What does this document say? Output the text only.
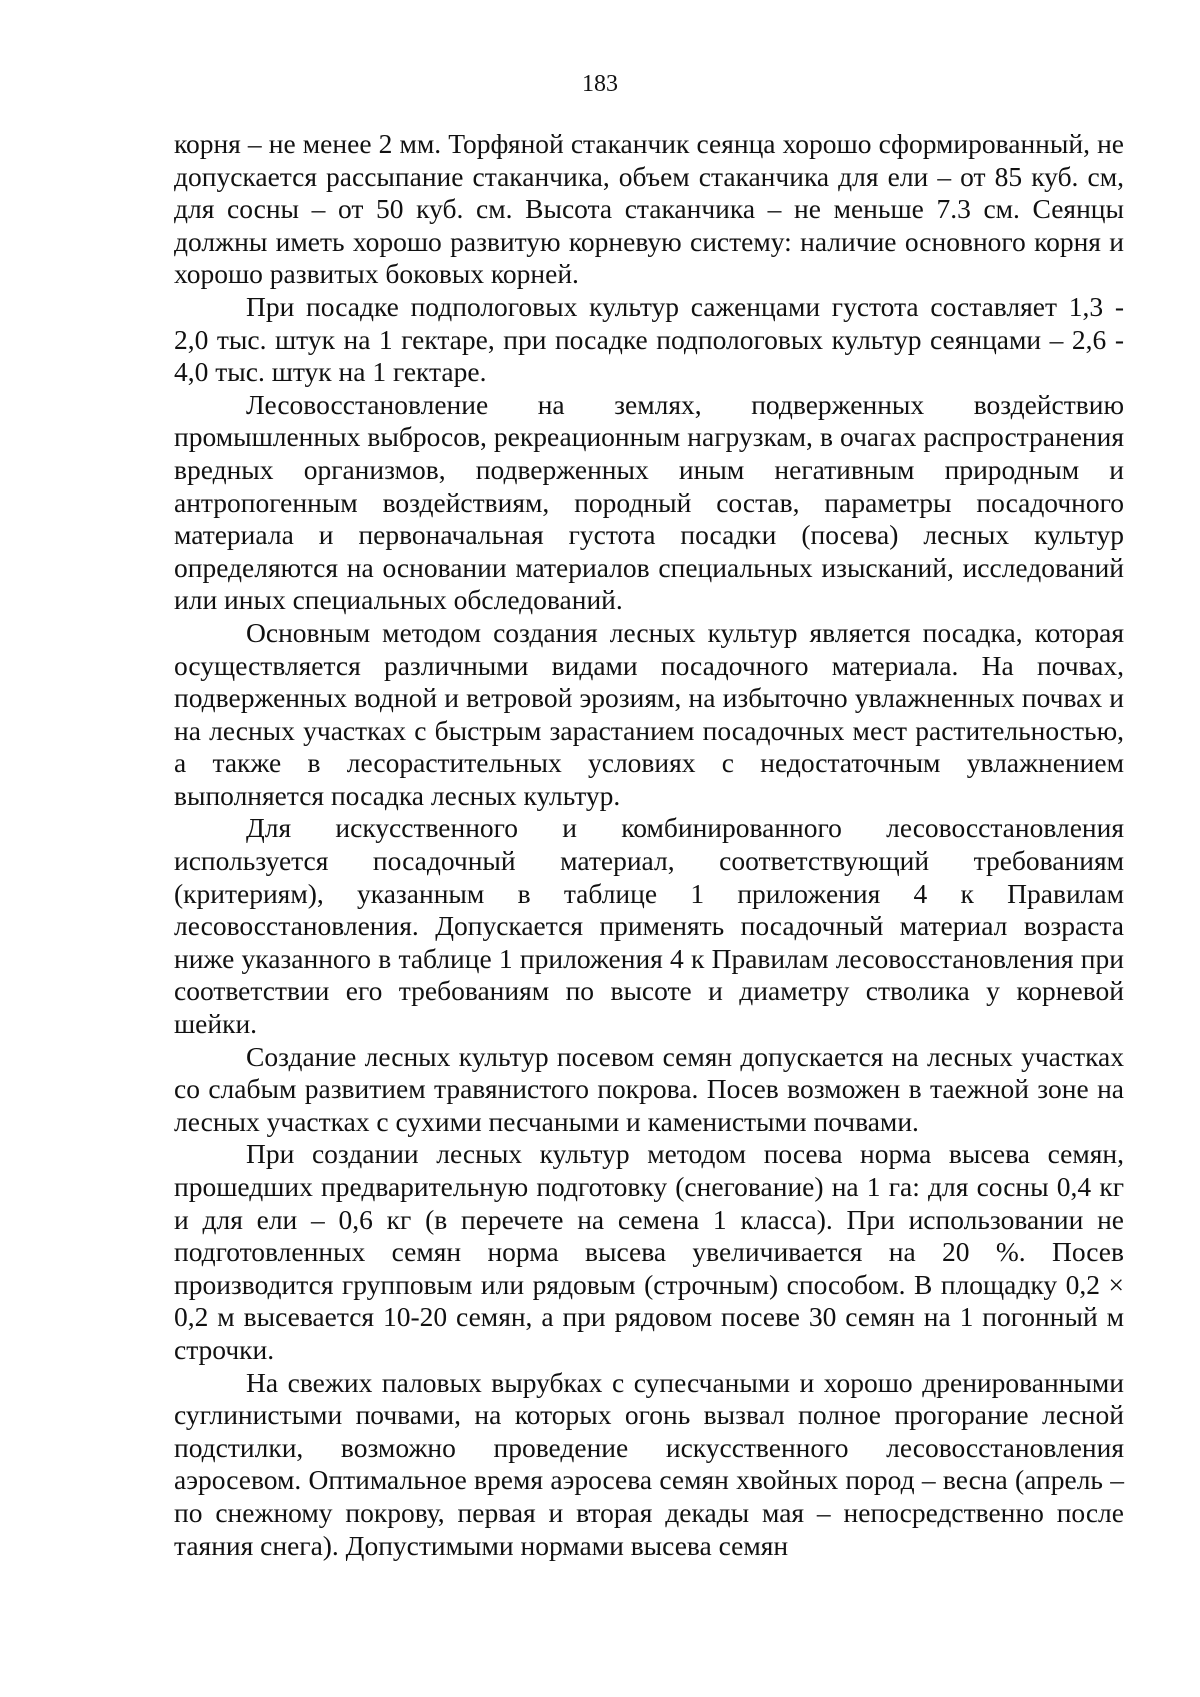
183

корня – не менее 2 мм. Торфяной стаканчик сеянца хорошо сформированный, не допускается рассыпание стаканчика, объем стаканчика для ели – от 85 куб. см, для сосны – от 50 куб. см. Высота стаканчика – не меньше 7.3 см. Сеянцы должны иметь хорошо развитую корневую систему: наличие основного корня и хорошо развитых боковых корней.

При посадке подпологовых культур саженцами густота составляет 1,3 - 2,0 тыс. штук на 1 гектаре, при посадке подпологовых культур сеянцами – 2,6 - 4,0 тыс. штук на 1 гектаре.

Лесовосстановление на землях, подверженных воздействию промышленных выбросов, рекреационным нагрузкам, в очагах распространения вредных организмов, подверженных иным негативным природным и антропогенным воздействиям, породный состав, параметры посадочного материала и первоначальная густота посадки (посева) лесных культур определяются на основании материалов специальных изысканий, исследований или иных специальных обследований.

Основным методом создания лесных культур является посадка, которая осуществляется различными видами посадочного материала. На почвах, подверженных водной и ветровой эрозиям, на избыточно увлажненных почвах и на лесных участках с быстрым зарастанием посадочных мест растительностью, а также в лесорастительных условиях с недостаточным увлажнением выполняется посадка лесных культур.

Для искусственного и комбинированного лесовосстановления используется посадочный материал, соответствующий требованиям (критериям), указанным в таблице 1 приложения 4 к Правилам лесовосстановления. Допускается применять посадочный материал возраста ниже указанного в таблице 1 приложения 4 к Правилам лесовосстановления при соответствии его требованиям по высоте и диаметру стволика у корневой шейки.

Создание лесных культур посевом семян допускается на лесных участках со слабым развитием травянистого покрова. Посев возможен в таежной зоне на лесных участках с сухими песчаными и каменистыми почвами.

При создании лесных культур методом посева норма высева семян, прошедших предварительную подготовку (снегование) на 1 га: для сосны 0,4 кг и для ели – 0,6 кг (в перечете на семена 1 класса). При использовании не подготовленных семян норма высева увеличивается на 20 %. Посев производится групповым или рядовым (строчным) способом. В площадку 0,2 × 0,2 м высевается 10-20 семян, а при рядовом посеве 30 семян на 1 погонный м строчки.

На свежих паловых вырубках с супесчаными и хорошо дренированными суглинистыми почвами, на которых огонь вызвал полное прогорание лесной подстилки, возможно проведение искусственного лесовосстановления аэросевом. Оптимальное время аэросева семян хвойных пород – весна (апрель – по снежному покрову, первая и вторая декады мая – непосредственно после таяния снега). Допустимыми нормами высева семян
